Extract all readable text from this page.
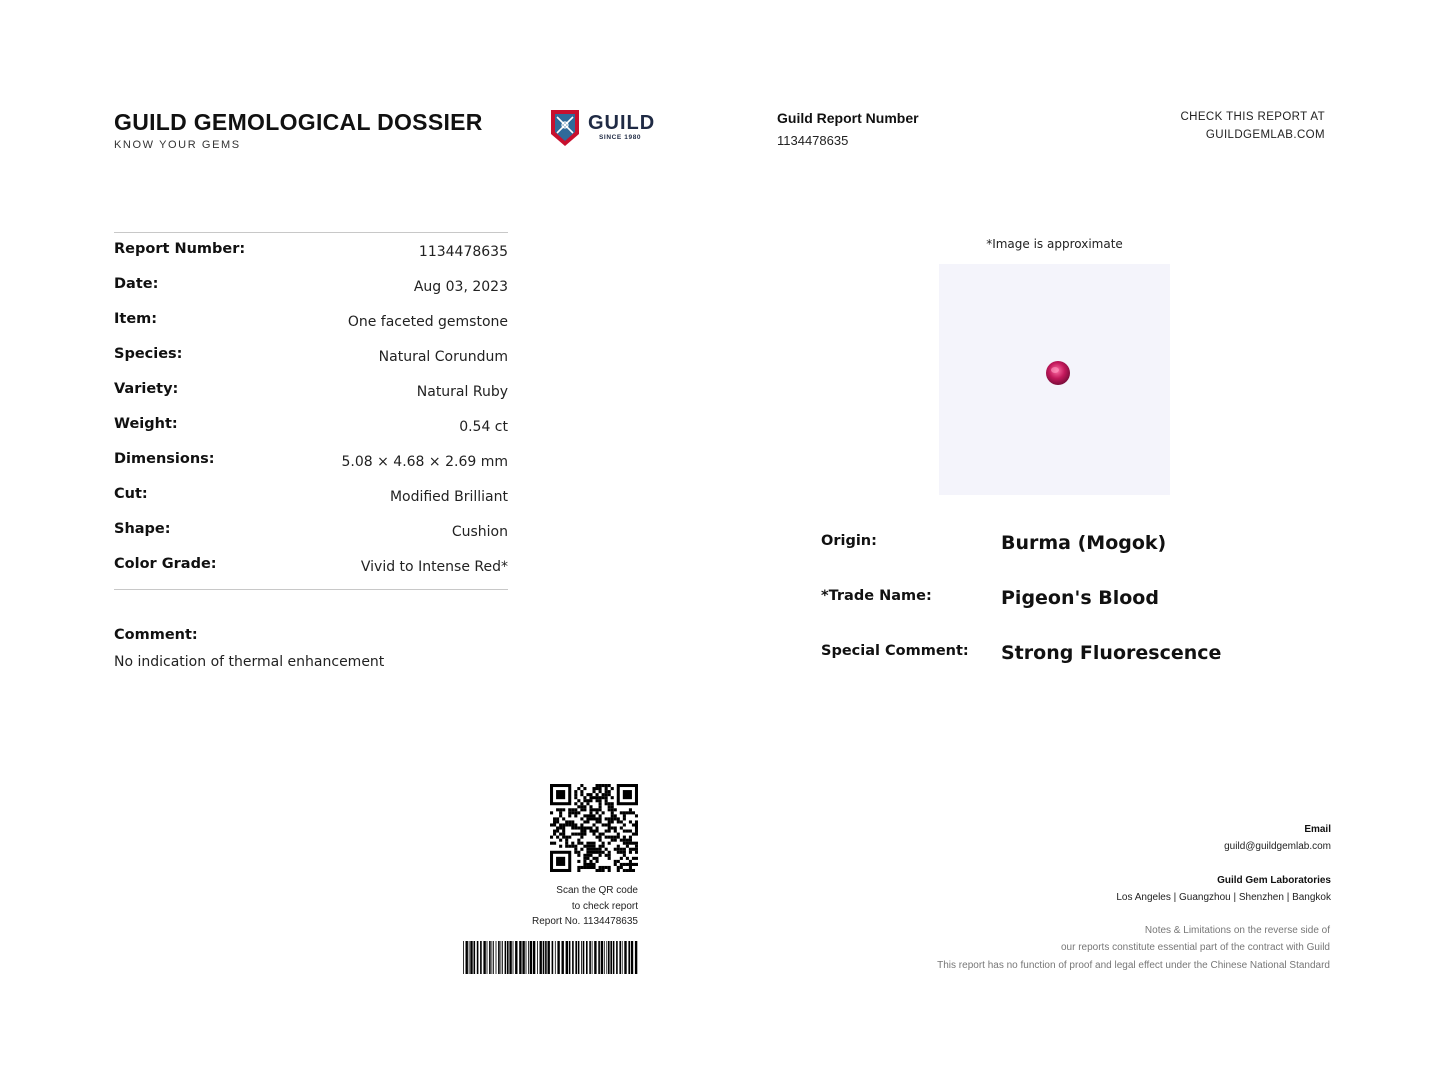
GUILD GEMOLOGICAL DOSSIER
KNOW YOUR GEMS
GUILD
SINCE 1980
Guild Report Number
1134478635
CHECK THIS REPORT AT
GUILDGEMLAB.COM
Report Number:	1134478635
Date:	Aug 03, 2023
Item:	One faceted gemstone
Species:	Natural Corundum
Variety:	Natural Ruby
Weight:	0.54 ct
Dimensions:	5.08 × 4.68 × 2.69 mm
Cut:	Modified Brilliant
Shape:	Cushion
Color Grade:	Vivid to Intense Red*
Comment:
No indication of thermal enhancement
*Image is approximate
Origin:	Burma (Mogok)
*Trade Name:	Pigeon's Blood
Special Comment: Strong Fluorescence
Scan the QR code
to check report
Report No. 1134478635
Email
guild@guildgemlab.com
Guild Gem Laboratories
Los Angeles | Guangzhou | Shenzhen | Bangkok
Notes & Limitations on the reverse side of
our reports constitute essential part of the contract with Guild
This report has no function of proof and legal effect under the Chinese National Standard
